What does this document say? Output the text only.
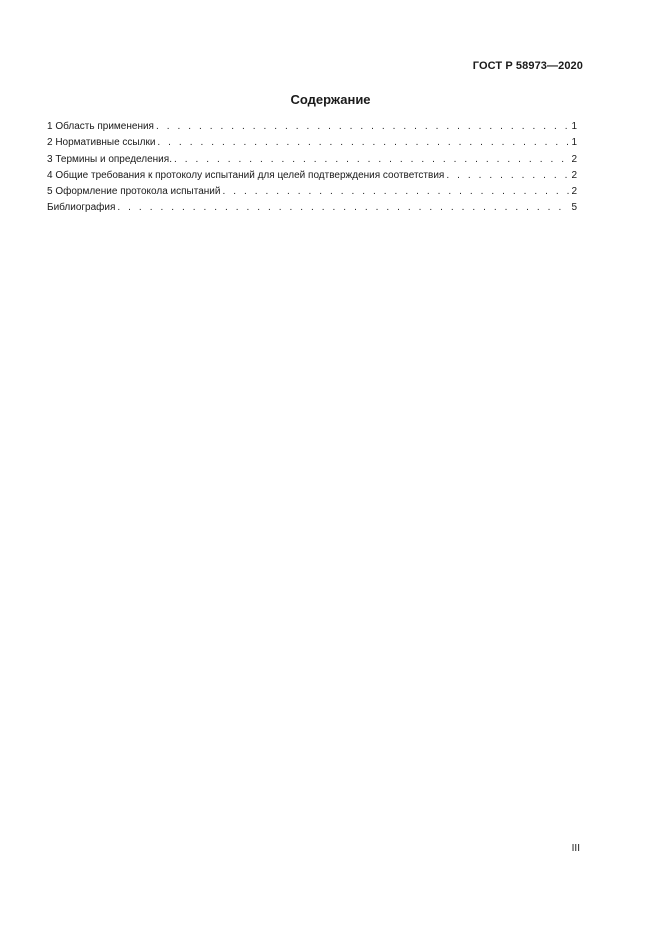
ГОСТ Р 58973—2020
Содержание
1 Область применения . . .	1
2 Нормативные ссылки . . .	1
3 Термины и определения. . . .	2
4 Общие требования к протоколу испытаний для целей подтверждения соответствия . . .	2
5 Оформление протокола испытаний . . .	2
Библиография . . .	5
III
